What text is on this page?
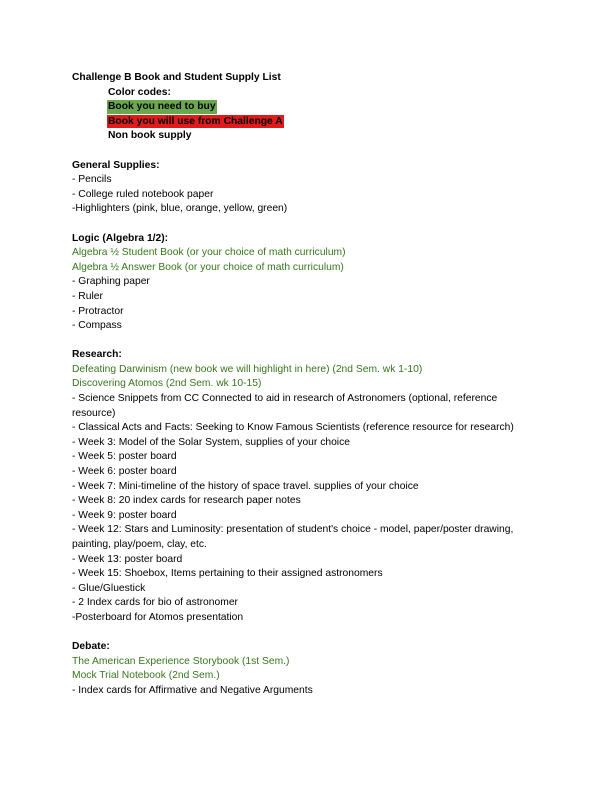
Challenge B Book and Student Supply List
Color codes:
Book you need to buy
Book you will use from Challenge A
Non book supply
General Supplies:
- Pencils
- College ruled notebook paper
-Highlighters (pink, blue, orange, yellow, green)
Logic (Algebra 1/2):
Algebra ½ Student Book (or your choice of math curriculum)
Algebra ½ Answer Book (or your choice of math curriculum)
- Graphing paper
- Ruler
- Protractor
- Compass
Research:
Defeating Darwinism (new book we will highlight in here) (2nd Sem. wk 1-10)
Discovering Atomos (2nd Sem. wk 10-15)
- Science Snippets from CC Connected to aid in research of Astronomers (optional, reference resource)
- Classical Acts and Facts: Seeking to Know Famous Scientists (reference resource for research)
- Week 3: Model of the Solar System, supplies of your choice
- Week 5: poster board
- Week 6: poster board
- Week 7: Mini-timeline of the history of space travel. supplies of your choice
- Week 8: 20 index cards for research paper notes
- Week 9: poster board
- Week 12: Stars and Luminosity: presentation of student's choice - model, paper/poster drawing, painting, play/poem, clay, etc.
- Week 13: poster board
- Week 15: Shoebox, Items pertaining to their assigned astronomers
- Glue/Gluestick
- 2 Index cards for bio of astronomer
-Posterboard for Atomos presentation
Debate:
The American Experience Storybook (1st Sem.)
Mock Trial Notebook (2nd Sem.)
- Index cards for Affirmative and Negative Arguments
